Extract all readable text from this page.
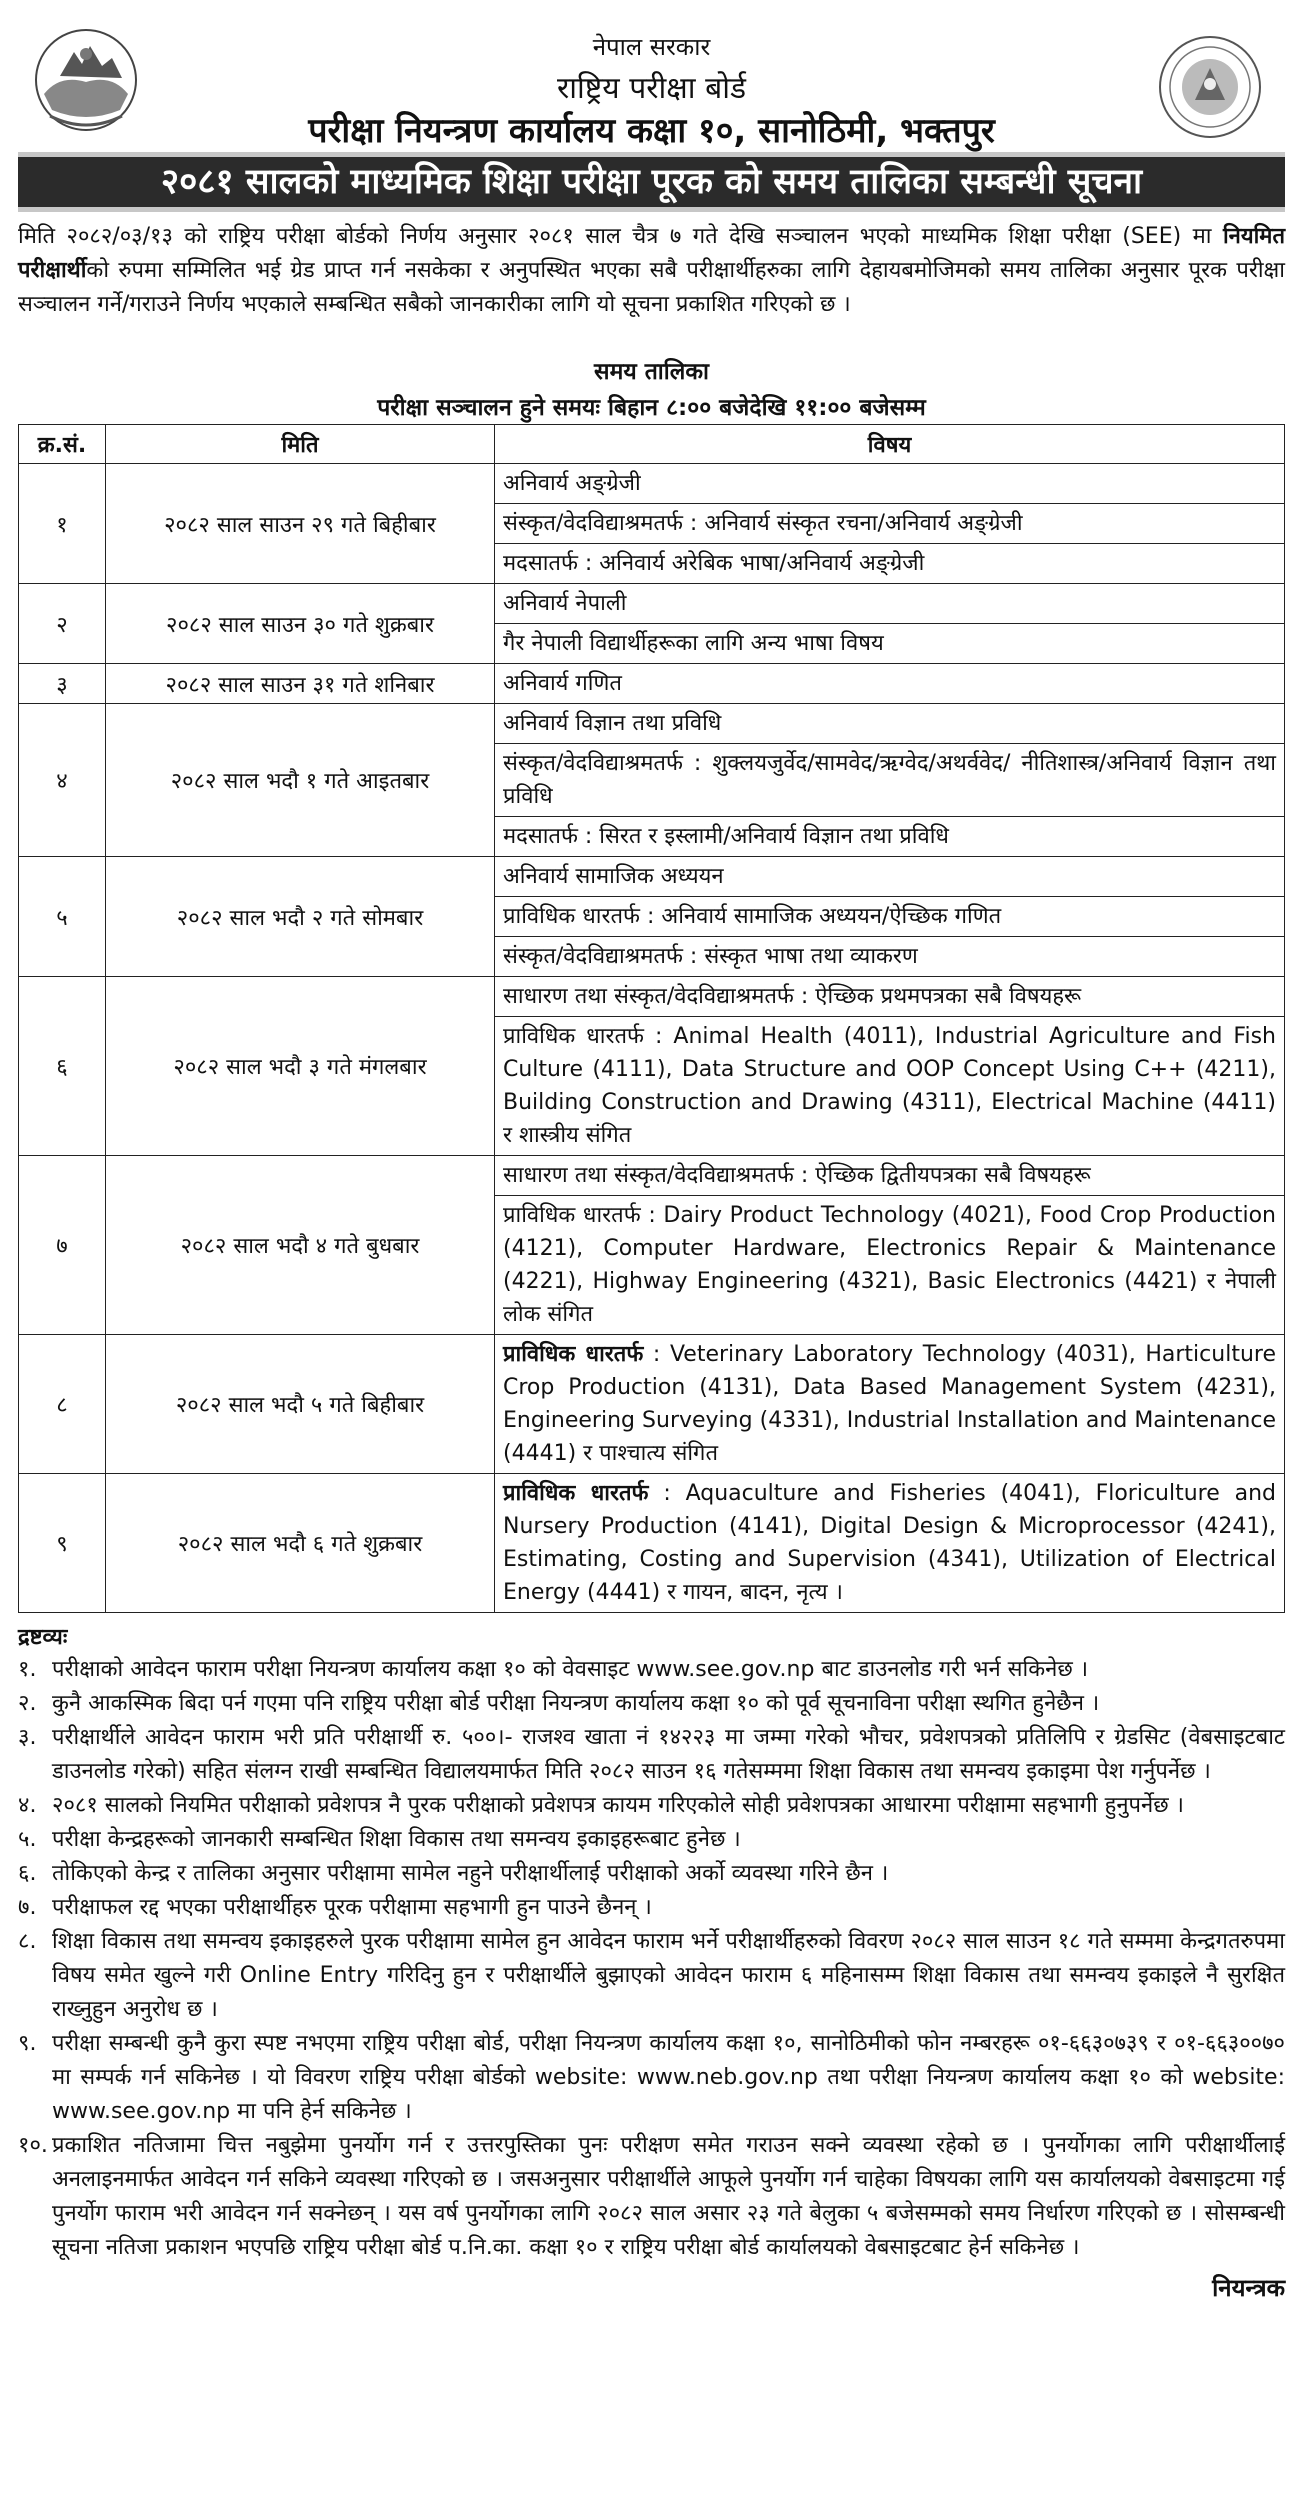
नेपाल सरकार
राष्ट्रिय परीक्षा बोर्ड
परीक्षा नियन्त्रण कार्यालय कक्षा १०, सानोठिमी, भक्तपुर
२०८१ सालको माध्यमिक शिक्षा परीक्षा पूरक को समय तालिका सम्बन्धी सूचना
मिति २०८२/०३/१३ को राष्ट्रिय परीक्षा बोर्डको निर्णय अनुसार २०८१ साल चैत्र ७ गते देखि सञ्चालन भएको माध्यमिक शिक्षा परीक्षा (SEE) मा नियमित परीक्षार्थीको रुपमा सम्मिलित भई ग्रेड प्राप्त गर्न नसकेका र अनुपस्थित भएका सबै परीक्षार्थीहरुका लागि देहायबमोजिमको समय तालिका अनुसार पूरक परीक्षा सञ्चालन गर्ने/गराउने निर्णय भएकाले सम्बन्धित सबैको जानकारीका लागि यो सूचना प्रकाशित गरिएको छ ।
समय तालिका
परीक्षा सञ्चालन हुने समयः बिहान ८:०० बजेदेखि ११:०० बजेसम्म
क्र.सं.	मिति	विषय
१	२०८२ साल साउन २९ गते बिहीबार	अनिवार्य अङ्ग्रेजी
		संस्कृत/वेदविद्याश्रमतर्फ : अनिवार्य संस्कृत रचना/अनिवार्य अङ्ग्रेजी
		मदसातर्फ : अनिवार्य अरेबिक भाषा/अनिवार्य अङ्ग्रेजी
२	२०८२ साल साउन ३० गते शुक्रबार	अनिवार्य नेपाली
		गैर नेपाली विद्यार्थीहरूका लागि अन्य भाषा विषय
३	२०८२ साल साउन ३१ गते शनिबार	अनिवार्य गणित
४	२०८२ साल भदौ १ गते आइतबार	अनिवार्य विज्ञान तथा प्रविधि
		संस्कृत/वेदविद्याश्रमतर्फ : शुक्लयजुर्वेद/सामवेद/ऋग्वेद/अथर्ववेद/ नीतिशास्त्र/अनिवार्य विज्ञान तथा प्रविधि
		मदसातर्फ : सिरत र इस्लामी/अनिवार्य विज्ञान तथा प्रविधि
५	२०८२ साल भदौ २ गते सोमबार	अनिवार्य सामाजिक अध्ययन
		प्राविधिक धारतर्फ : अनिवार्य सामाजिक अध्ययन/ऐच्छिक गणित
		संस्कृत/वेदविद्याश्रमतर्फ : संस्कृत भाषा तथा व्याकरण
६	२०८२ साल भदौ ३ गते मंगलबार	साधारण तथा संस्कृत/वेदविद्याश्रमतर्फ : ऐच्छिक प्रथमपत्रका सबै विषयहरू
		प्राविधिक धारतर्फ : Animal Health (4011), Industrial Agriculture and Fish Culture (4111), Data Structure and OOP Concept Using C++ (4211), Building Construction and Drawing (4311), Electrical Machine (4411) र शास्त्रीय संगित
७	२०८२ साल भदौ ४ गते बुधबार	साधारण तथा संस्कृत/वेदविद्याश्रमतर्फ : ऐच्छिक द्वितीयपत्रका सबै विषयहरू
		प्राविधिक धारतर्फ : Dairy Product Technology (4021), Food Crop Production (4121), Computer Hardware, Electronics Repair & Maintenance (4221), Highway Engineering (4321), Basic Electronics (4421) र नेपाली लोक संगित
८	२०८२ साल भदौ ५ गते बिहीबार	प्राविधिक धारतर्फ : Veterinary Laboratory Technology (4031), Harticulture Crop Production (4131), Data Based Management System (4231), Engineering Surveying (4331), Industrial Installation and Maintenance (4441) र पाश्चात्य संगित
९	२०८२ साल भदौ ६ गते शुक्रबार	प्राविधिक धारतर्फ : Aquaculture and Fisheries (4041), Floriculture and Nursery Production (4141), Digital Design & Microprocessor (4241), Estimating, Costing and Supervision (4341), Utilization of Electrical Energy (4441) र गायन, बादन, नृत्य ।
द्रष्टव्यः
१. परीक्षाको आवेदन फाराम परीक्षा नियन्त्रण कार्यालय कक्षा १० को वेवसाइट www.see.gov.np बाट डाउनलोड गरी भर्न सकिनेछ ।
२. कुनै आकस्मिक बिदा पर्न गएमा पनि राष्ट्रिय परीक्षा बोर्ड परीक्षा नियन्त्रण कार्यालय कक्षा १० को पूर्व सूचनाविना परीक्षा स्थगित हुनेछैन ।
३. परीक्षार्थीले आवेदन फाराम भरी प्रति परीक्षार्थी रु. ५००।- राजश्व खाता नं १४२२३ मा जम्मा गरेको भौचर, प्रवेशपत्रको प्रतिलिपि र ग्रेडसिट (वेबसाइटबाट डाउनलोड गरेको) सहित संलग्न राखी सम्बन्धित विद्यालयमार्फत मिति २०८२ साउन १६ गतेसम्ममा शिक्षा विकास तथा समन्वय इकाइमा पेश गर्नुपर्नेछ ।
४. २०८१ सालको नियमित परीक्षाको प्रवेशपत्र नै पुरक परीक्षाको प्रवेशपत्र कायम गरिएकोले सोही प्रवेशपत्रका आधारमा परीक्षामा सहभागी हुनुपर्नेछ ।
५. परीक्षा केन्द्रहरूको जानकारी सम्बन्धित शिक्षा विकास तथा समन्वय इकाइहरूबाट हुनेछ ।
६. तोकिएको केन्द्र र तालिका अनुसार परीक्षामा सामेल नहुने परीक्षार्थीलाई परीक्षाको अर्को व्यवस्था गरिने छैन ।
७. परीक्षाफल रद्द भएका परीक्षार्थीहरु पूरक परीक्षामा सहभागी हुन पाउने छैनन् ।
८. शिक्षा विकास तथा समन्वय इकाइहरुले पुरक परीक्षामा सामेल हुन आवेदन फाराम भर्ने परीक्षार्थीहरुको विवरण २०८२ साल साउन १८ गते सम्ममा केन्द्रगतरुपमा विषय समेत खुल्ने गरी Online Entry गरिदिनु हुन र परीक्षार्थीले बुझाएको आवेदन फाराम ६ महिनासम्म शिक्षा विकास तथा समन्वय इकाइले नै सुरक्षित राख्नुहुन अनुरोध छ ।
९. परीक्षा सम्बन्धी कुनै कुरा स्पष्ट नभएमा राष्ट्रिय परीक्षा बोर्ड, परीक्षा नियन्त्रण कार्यालय कक्षा १०, सानोठिमीको फोन नम्बरहरू ०१-६६३०७३९ र ०१-६६३००७० मा सम्पर्क गर्न सकिनेछ । यो विवरण राष्ट्रिय परीक्षा बोर्डको website: www.neb.gov.np तथा परीक्षा नियन्त्रण कार्यालय कक्षा १० को website: www.see.gov.np मा पनि हेर्न सकिनेछ ।
१०. प्रकाशित नतिजामा चित्त नबुझेमा पुनर्योग गर्न र उत्तरपुस्तिका पुनः परीक्षण समेत गराउन सक्ने व्यवस्था रहेको छ । पुनर्योगका लागि परीक्षार्थीलाई अनलाइनमार्फत आवेदन गर्न सकिने व्यवस्था गरिएको छ । जसअनुसार परीक्षार्थीले आफूले पुनर्योग गर्न चाहेका विषयका लागि यस कार्यालयको वेबसाइटमा गई पुनर्योग फाराम भरी आवेदन गर्न सक्नेछन् । यस वर्ष पुनर्योगका लागि २०८२ साल असार २३ गते बेलुका ५ बजेसम्मको समय निर्धारण गरिएको छ । सोसम्बन्धी सूचना नतिजा प्रकाशन भएपछि राष्ट्रिय परीक्षा बोर्ड प.नि.का. कक्षा १० र राष्ट्रिय परीक्षा बोर्ड कार्यालयको वेबसाइटबाट हेर्न सकिनेछ ।
नियन्त्रक
